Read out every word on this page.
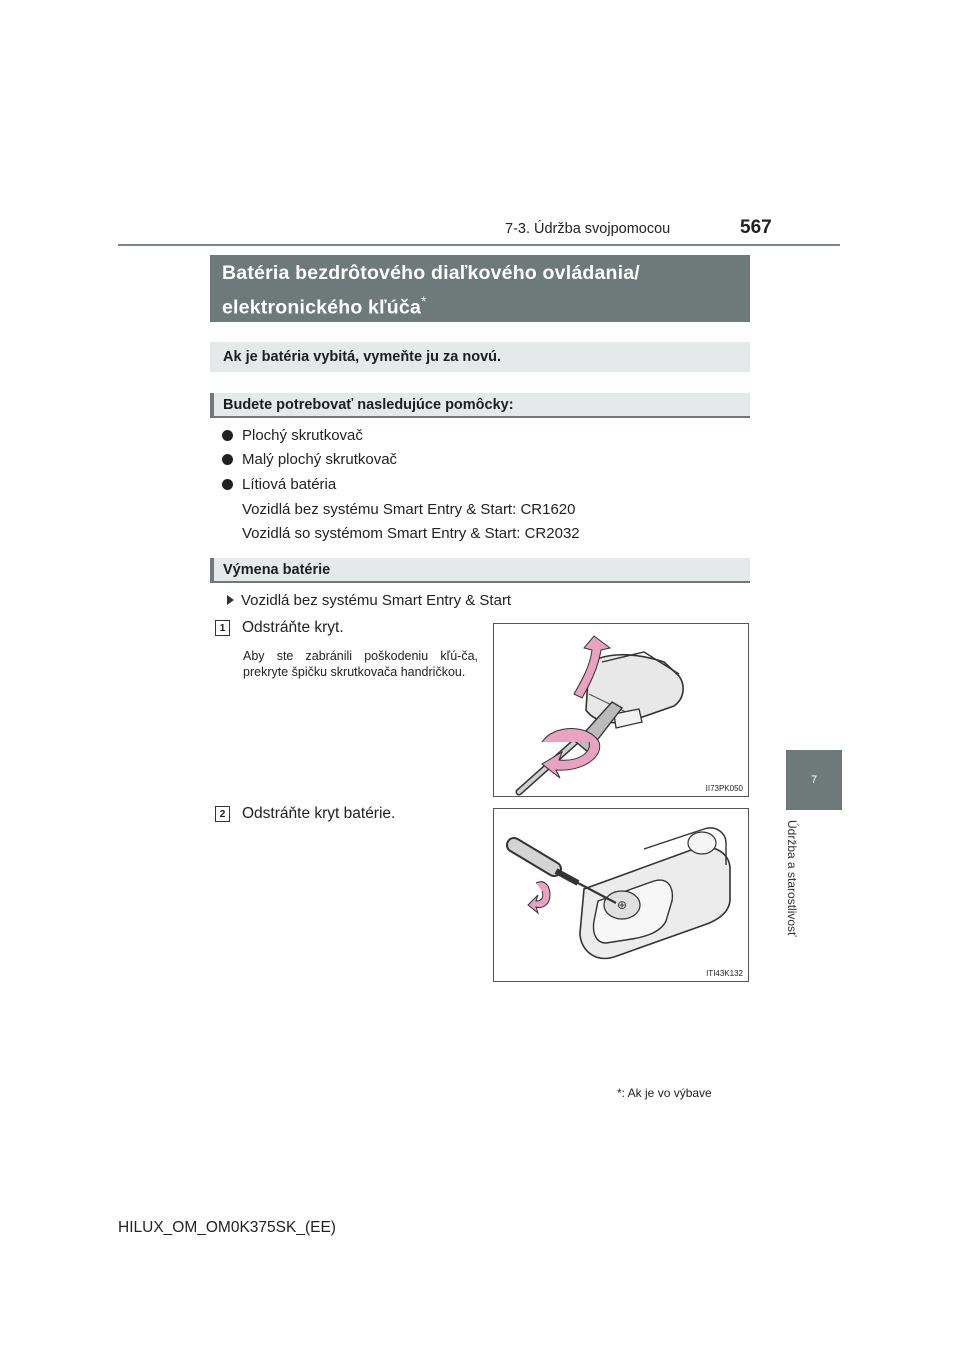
7-3. Údržba svojpomocou	567
7
Údržba a starostlivosť
Batéria bezdrôtového diaľkového ovládania/
elektronického kľúča*
Ak je batéria vybitá, vymeňte ju za novú.
Budete potrebovať nasledujúce pomôcky:
Plochý skrutkovač
Malý plochý skrutkovač
Lítiová batéria
Vozidlá bez systému Smart Entry & Start: CR1620
Vozidlá so systémom Smart Entry & Start: CR2032
Výmena batérie
Vozidlá bez systému Smart Entry & Start
1	Odstráňte kryt.
Aby ste zabránili poškodeniu kľú-ča, prekryte špičku skrutkovača handričkou.
II73PK050
2	Odstráňte kryt batérie.
⊕
ITI43K132
*: Ak je vo výbave
HILUX_OM_OM0K375SK_(EE)
